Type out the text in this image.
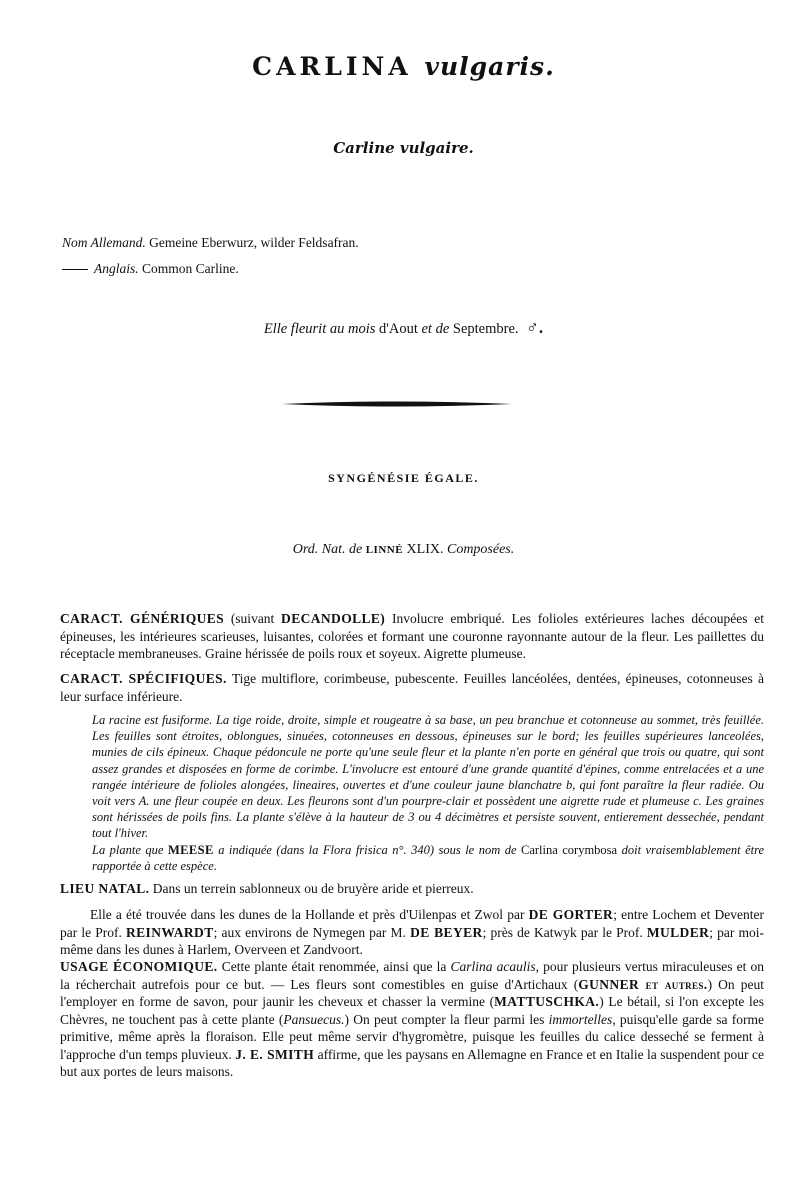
CARLINA vulgaris.
Carline vulgaire.
Nom Allemand. Gemeine Eberwurz, wilder Feldsafran.
Anglais. Common Carline.
Elle fleurit au mois d'Aout et de Septembre. ♂.
SYNGÉNÉSIE ÉGALE.
Ord. Nat. de LINNÉ XLIX. Composées.

CARACT. GÉNÉRIQUES (suivant DECANDOLLE) Involucre embriqué. Les folioles extérieures laches découpées et épineuses, les intérieures scarieuses, luisantes, colorées et formant une couronne rayonnante autour de la fleur. Les paillettes du réceptacle membraneuses. Graine hérissée de poils roux et soyeux. Aigrette plumeuse.

CARACT. SPÉCIFIQUES. Tige multiflore, corimbeuse, pubescente. Feuilles lancéolées, dentées, épineuses, cotonneuses à leur surface inférieure.

La racine est fusiforme. La tige roide, droite, simple et rougeatre à sa base, un peu branchue et cotonneuse au sommet, très feuillée. Les feuilles sont étroites, oblongues, sinuées, cotonneuses en dessous, épineuses sur le bord; les feuilles supérieures lanceolées, munies de cils épineux. Chaque pédoncule ne porte qu'une seule fleur et la plante n'en porte en général que trois ou quatre, qui sont assez grandes et disposées en forme de corimbe. L'involucre est entouré d'une grande quantité d'épines, comme entrelacées et a une rangée intérieure de folioles alongées, lineaires, ouvertes et d'une couleur jaune blanchatre b, qui font paraître la fleur radiée. Ou voit vers A. une fleur coupée en deux. Les fleurons sont d'un pourpre-clair et possèdent une aigrette rude et plumeuse c. Les graines sont hérissées de poils fins. La plante s'élève à la hauteur de 3 ou 4 décimètres et persiste souvent, entierement dessechée, pendant tout l'hiver.

La plante que MEESE a indiquée (dans la Flora frisica n°. 340) sous le nom de Carlina corymbosa doit vraisemblablement être rapportée à cette espèce.

LIEU NATAL. Dans un terrein sablonneux ou de bruyère aride et pierreux.

Elle a été trouvée dans les dunes de la Hollande et près d'Uilenpas et Zwol par DE GORTER; entre Lochem et Deventer par le Prof. REINWARDT; aux environs de Nymegen par M. DE BEYER; près de Katwyk par le Prof. MULDER; par moi-même dans les dunes à Harlem, Overveen et Zandvoort.

USAGE ÉCONOMIQUE. Cette plante était renommée, ainsi que la Carlina acaulis, pour plusieurs vertus miraculeuses et on la récherchait autrefois pour ce but. — Les fleurs sont comestibles en guise d'Artichaux (GUNNER et autres.) On peut l'employer en forme de savon, pour jaunir les cheveux et chasser la vermine (MATTUSCHKA.) Le bétail, si l'on excepte les Chèvres, ne touchent pas à cette plante (Pansuecus.) On peut compter la fleur parmi les immortelles, puisqu'elle garde sa forme primitive, même après la floraison. Elle peut même servir d'hygromètre, puisque les feuilles du calice desseché se ferment à l'approche d'un temps pluvieux. J. E. SMITH affirme, que les paysans en Allemagne en France et en Italie la suspendent pour ce but aux portes de leurs maisons.
